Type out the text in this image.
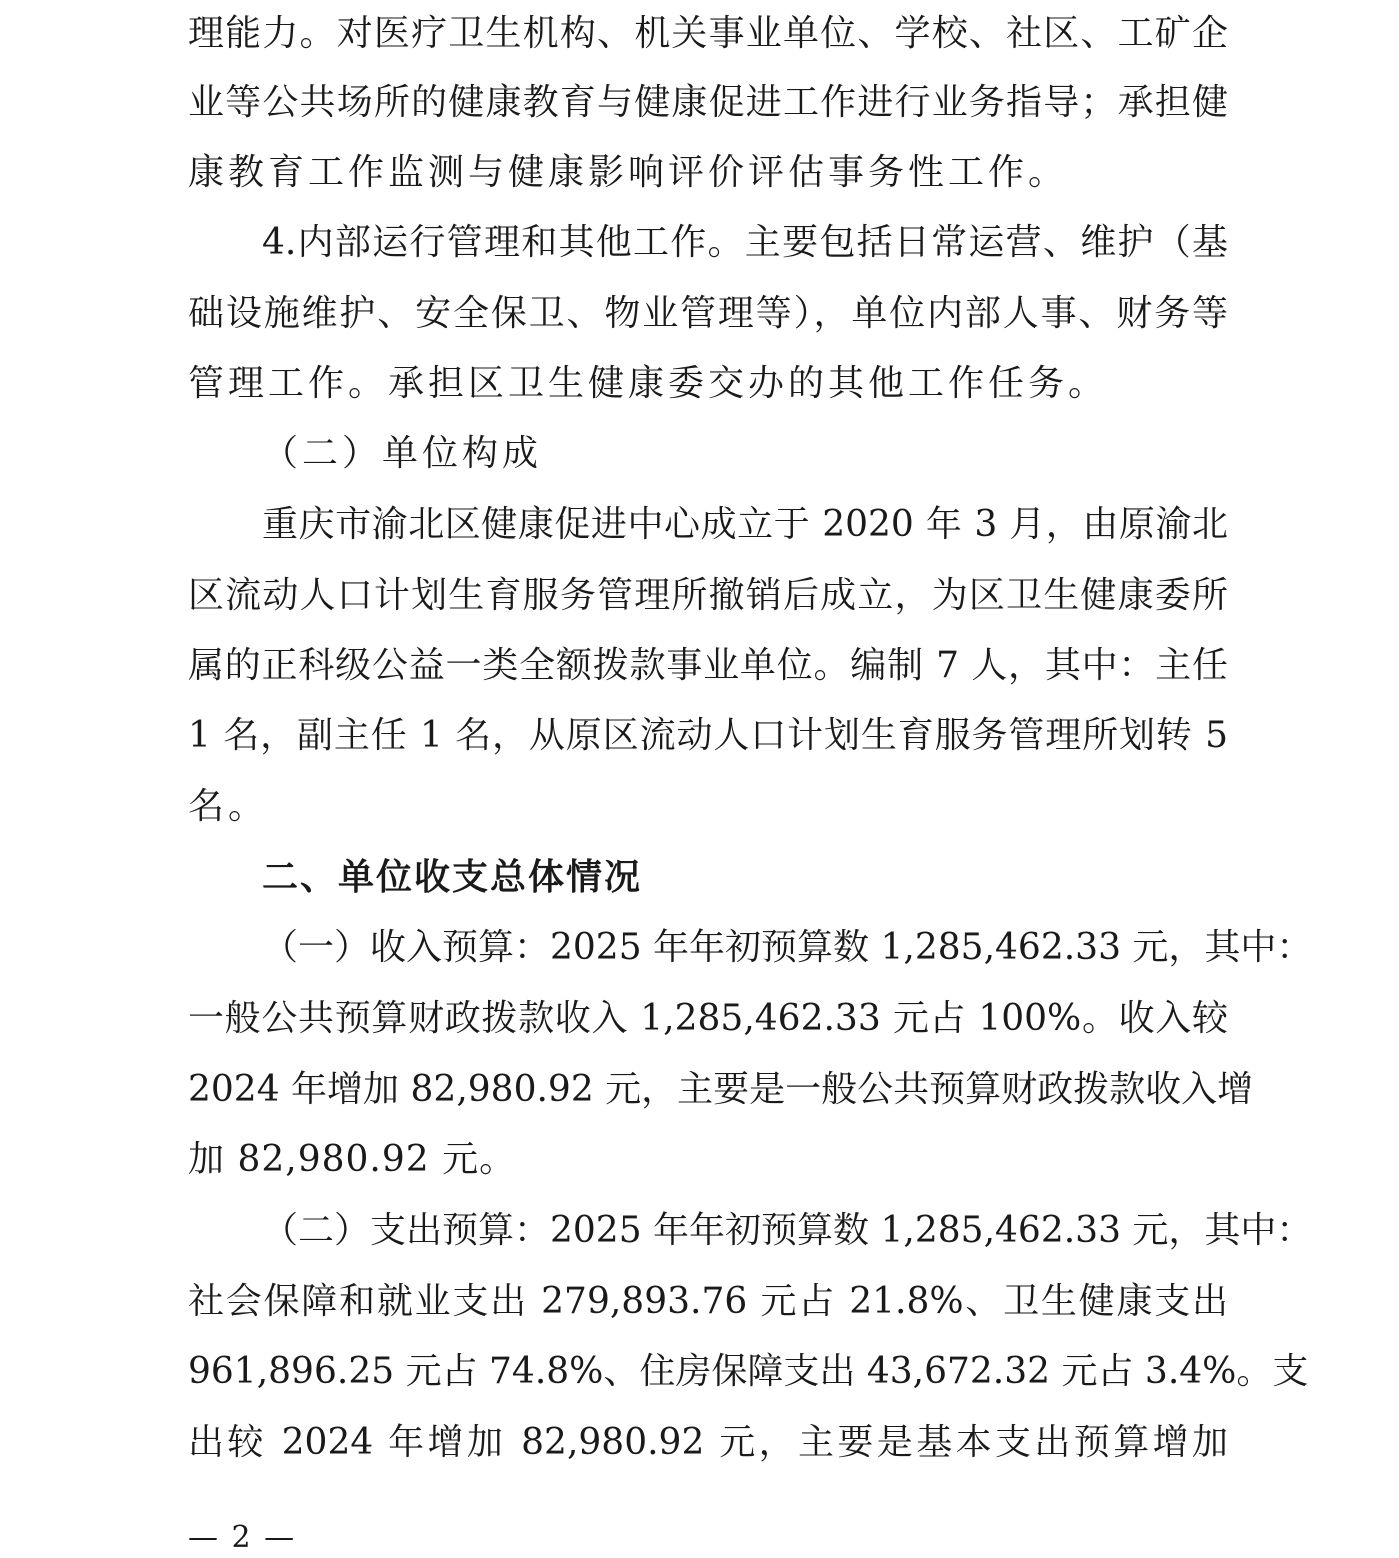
理能力。对医疗卫生机构、机关事业单位、学校、社区、工矿企
业等公共场所的健康教育与健康促进工作进行业务指导；承担健
康教育工作监测与健康影响评价评估事务性工作。
4.内部运行管理和其他工作。主要包括日常运营、维护（基
础设施维护、安全保卫、物业管理等），单位内部人事、财务等
管理工作。承担区卫生健康委交办的其他工作任务。
（二）单位构成
重庆市渝北区健康促进中心成立于 2020 年 3 月，由原渝北
区流动人口计划生育服务管理所撤销后成立，为区卫生健康委所
属的正科级公益一类全额拨款事业单位。编制 7 人，其中：主任
1 名，副主任 1 名，从原区流动人口计划生育服务管理所划转 5
名。
二、单位收支总体情况
（一）收入预算：2025 年年初预算数 1,285,462.33 元，其中：
一般公共预算财政拨款收入 1,285,462.33 元占 100%。收入较
2024 年增加 82,980.92 元，主要是一般公共预算财政拨款收入增
加 82,980.92 元。
（二）支出预算：2025 年年初预算数 1,285,462.33 元，其中：
社会保障和就业支出 279,893.76 元占 21.8%、卫生健康支出
961,896.25 元占 74.8%、住房保障支出 43,672.32 元占 3.4%。支
出较 2024 年增加 82,980.92 元，主要是基本支出预算增加
— 2 —
